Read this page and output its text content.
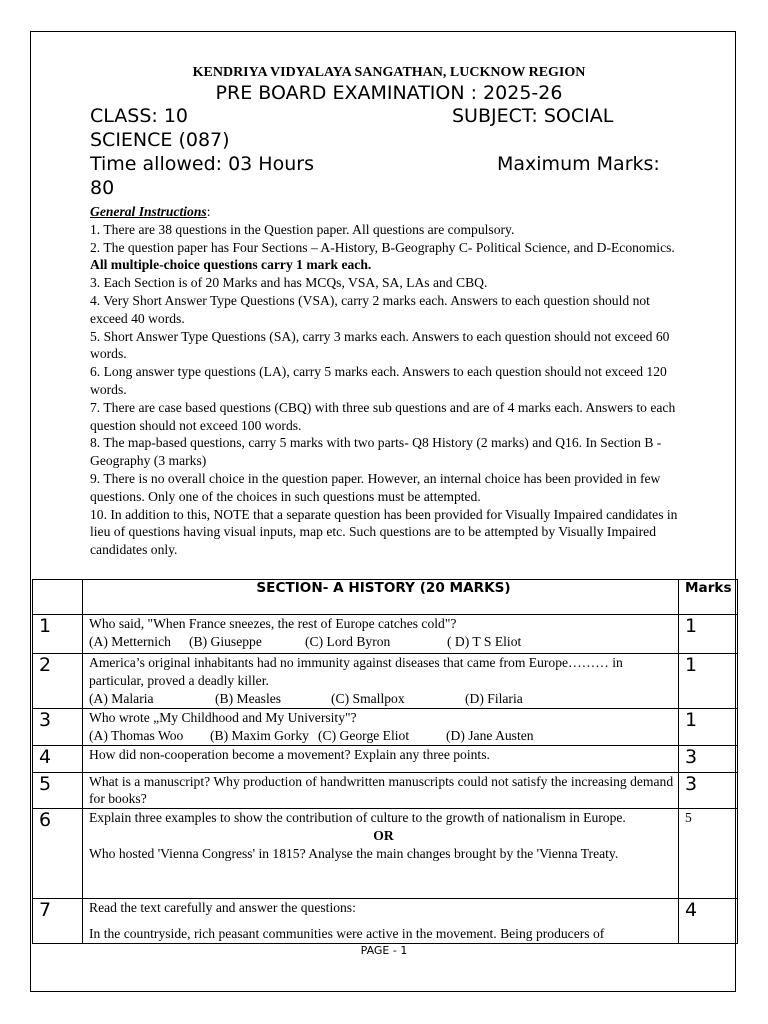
KENDRIYA VIDYALAYA SANGATHAN, LUCKNOW REGION
PRE BOARD EXAMINATION : 2025-26
CLASS: 10	SUBJECT: SOCIAL
SCIENCE (087)
Time allowed: 03 Hours	Maximum Marks:
80

General Instructions:

1. There are 38 questions in the Question paper. All questions are compulsory.

2. The question paper has Four Sections – A-History, B-Geography C- Political Science, and D-Economics. All multiple-choice questions carry 1 mark each.

3. Each Section is of 20 Marks and has MCQs, VSA, SA, LAs and CBQ.

4. Very Short Answer Type Questions (VSA), carry 2 marks each. Answers to each question should not exceed 40 words.

5. Short Answer Type Questions (SA), carry 3 marks each. Answers to each question should not exceed 60 words.

6. Long answer type questions (LA), carry 5 marks each. Answers to each question should not exceed 120 words.

7. There are case based questions (CBQ) with three sub questions and are of 4 marks each. Answers to each question should not exceed 100 words.

8. The map-based questions, carry 5 marks with two parts- Q8 History (2 marks) and Q16. In Section B -Geography (3 marks)

9. There is no overall choice in the question paper. However, an internal choice has been provided in few questions. Only one of the choices in such questions must be attempted.

10. In addition to this, NOTE that a separate question has been provided for Visually Impaired candidates in lieu of questions having visual inputs, map etc. Such questions are to be attempted by Visually Impaired candidates only.

	SECTION- A HISTORY (20 MARKS)	Marks
1	Who said, "When France sneezes, the rest of Europe catches cold"?
(A) Metternich (B) Giuseppe (C) Lord Byron ( D) T S Eliot	1
2	America’s original inhabitants had no immunity against diseases that came from Europe……… in particular, proved a deadly killer.
(A) Malaria (B) Measles (C) Smallpox (D) Filaria	1
3	Who wrote „My Childhood and My University"?
(A) Thomas Woo (B) Maxim Gorky (C) George Eliot (D) Jane Austen	1
4	How did non-cooperation become a movement? Explain any three points.	3
5	What is a manuscript? Why production of handwritten manuscripts could not satisfy the increasing demand for books?	3
6	Explain three examples to show the contribution of culture to the growth of nationalism in Europe.
OR
Who hosted 'Vienna Congress' in 1815? Analyse the main changes brought by the 'Vienna Treaty.	5
7	Read the text carefully and answer the questions:
In the countryside, rich peasant communities were active in the movement. Being producers of	4
PAGE - 1
